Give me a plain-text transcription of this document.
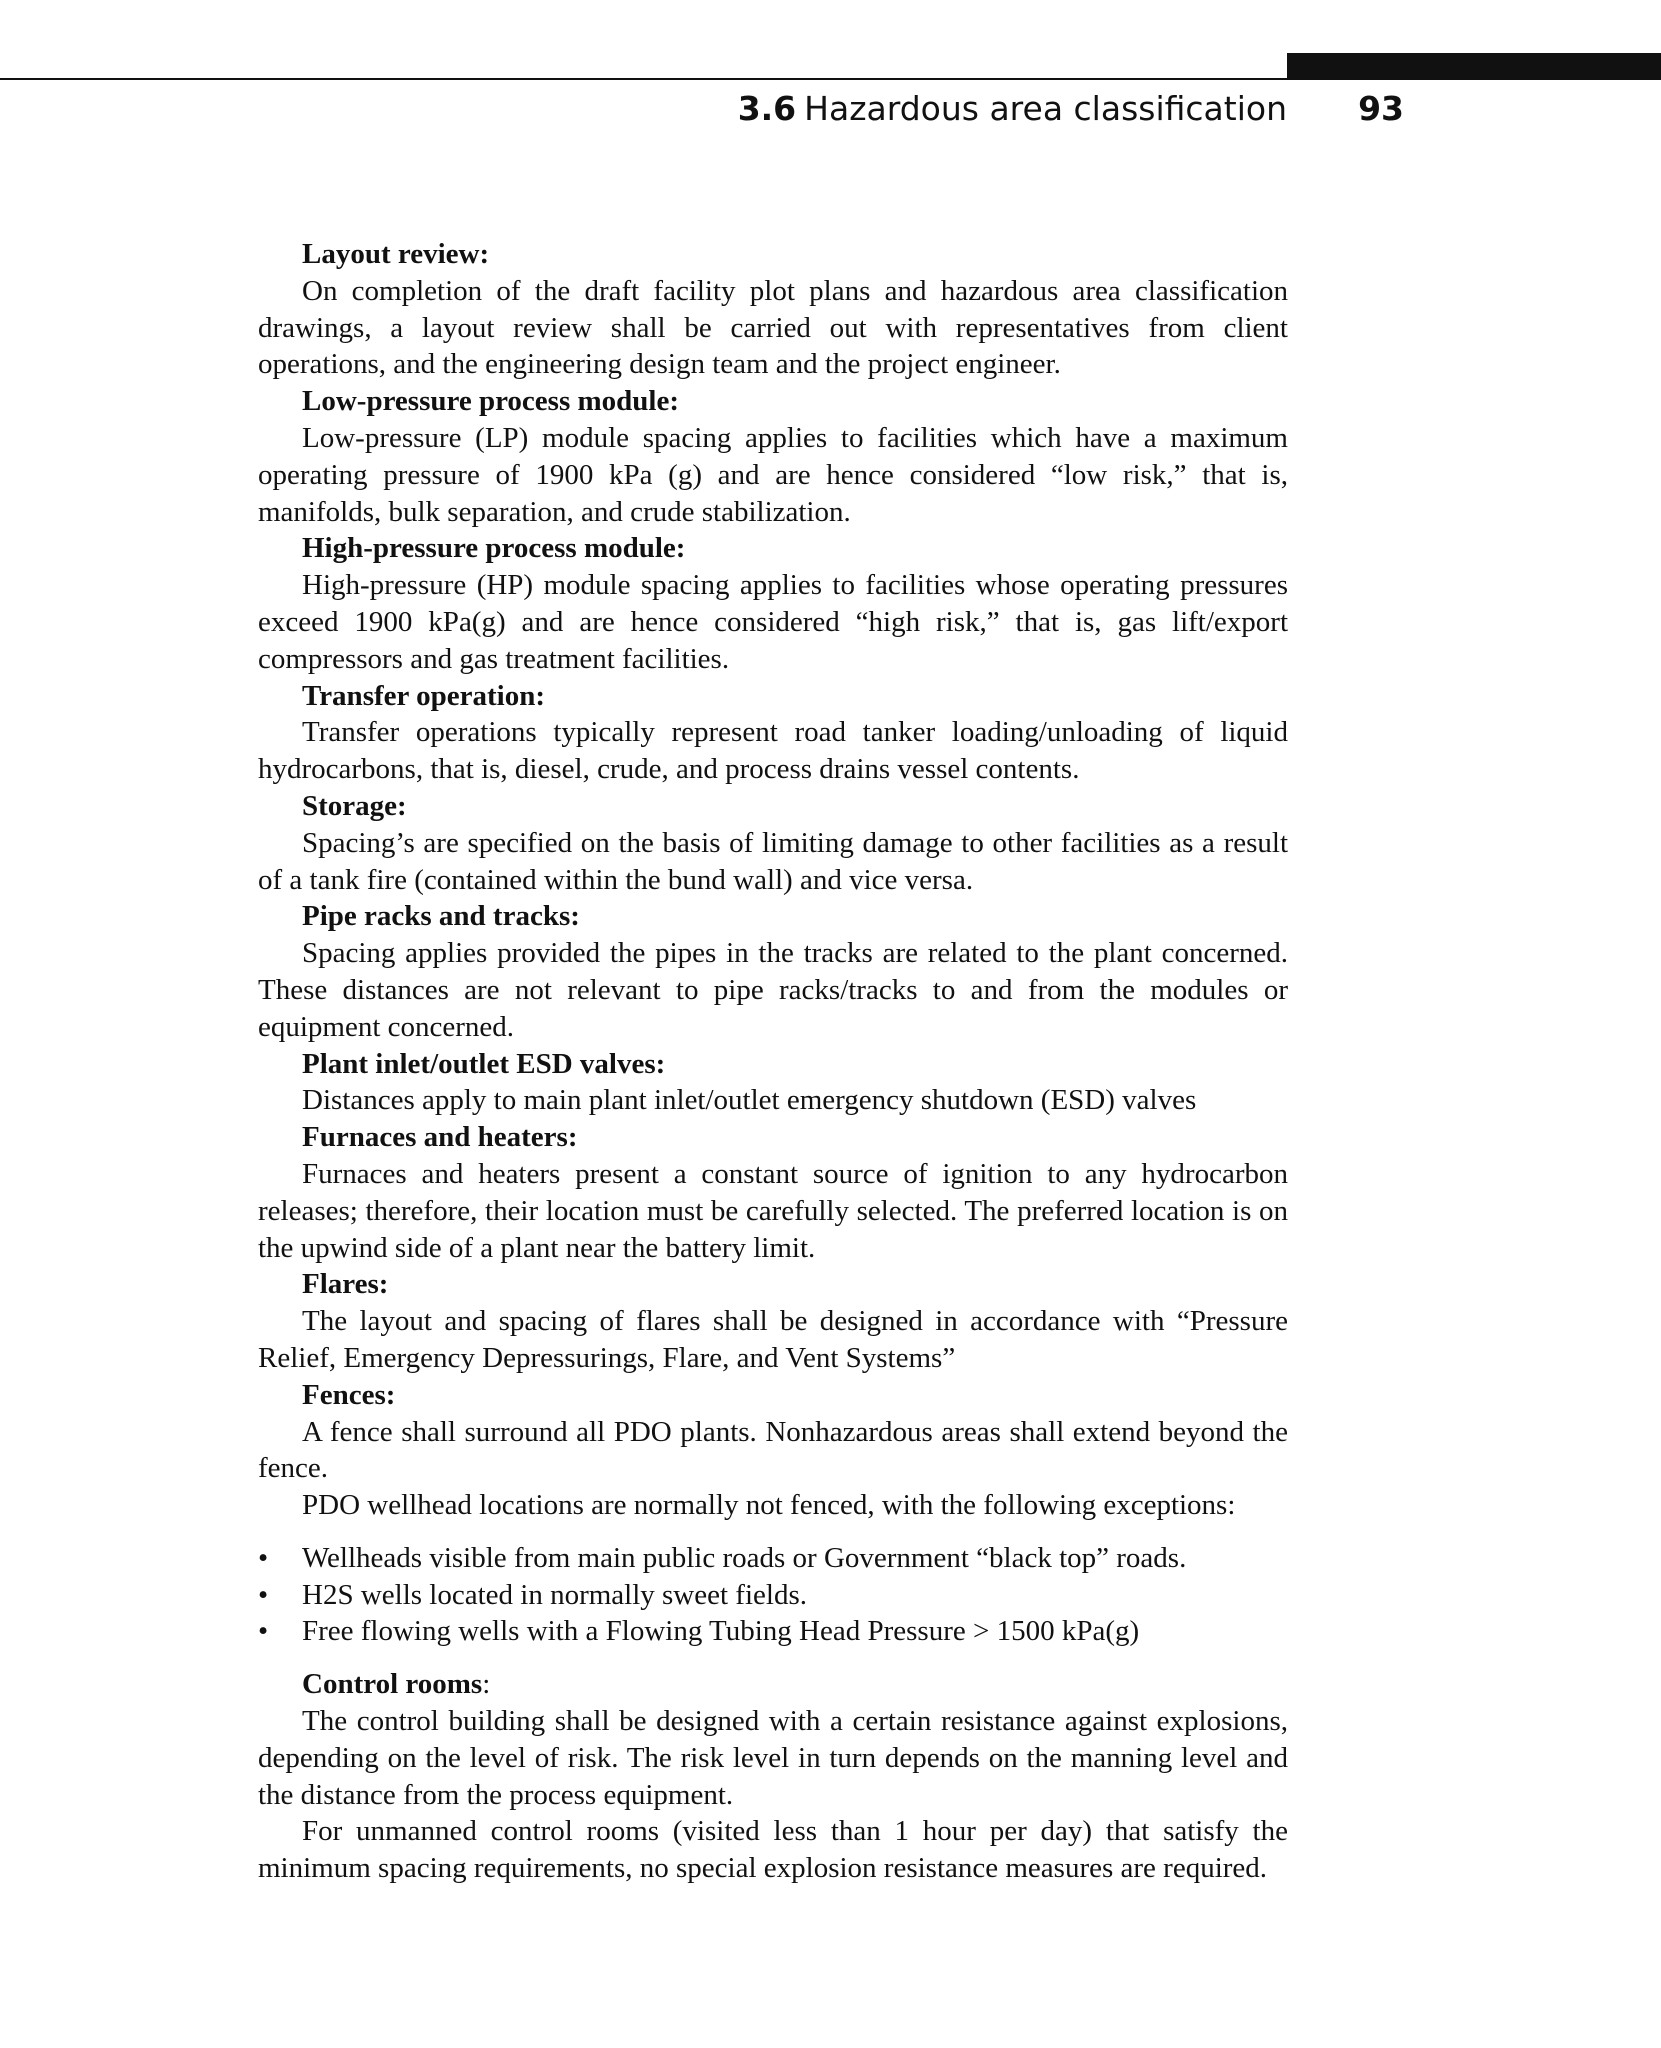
3.6 Hazardous area classification	93
Layout review:

On completion of the draft facility plot plans and hazardous area classification drawings, a layout review shall be carried out with representatives from client operations, and the engineering design team and the project engineer.

Low-pressure process module:

Low-pressure (LP) module spacing applies to facilities which have a maximum operating pressure of 1900 kPa (g) and are hence considered “low risk,” that is, manifolds, bulk separation, and crude stabilization.

High-pressure process module:

High-pressure (HP) module spacing applies to facilities whose operating pressures exceed 1900 kPa(g) and are hence considered “high risk,” that is, gas lift/export compressors and gas treatment facilities.

Transfer operation:

Transfer operations typically represent road tanker loading/unloading of liquid hydrocarbons, that is, diesel, crude, and process drains vessel contents.

Storage:

Spacing’s are specified on the basis of limiting damage to other facilities as a result of a tank fire (contained within the bund wall) and vice versa.

Pipe racks and tracks:

Spacing applies provided the pipes in the tracks are related to the plant concerned. These distances are not relevant to pipe racks/tracks to and from the modules or equipment concerned.

Plant inlet/outlet ESD valves:

Distances apply to main plant inlet/outlet emergency shutdown (ESD) valves

Furnaces and heaters:

Furnaces and heaters present a constant source of ignition to any hydrocarbon releases; therefore, their location must be carefully selected. The preferred location is on the upwind side of a plant near the battery limit.

Flares:

The layout and spacing of flares shall be designed in accordance with “Pressure Relief, Emergency Depressurings, Flare, and Vent Systems”

Fences:

A fence shall surround all PDO plants. Nonhazardous areas shall extend beyond the fence.

PDO wellhead locations are normally not fenced, with the following exceptions:

• Wellheads visible from main public roads or Government “black top” roads.
• H2S wells located in normally sweet fields.
• Free flowing wells with a Flowing Tubing Head Pressure > 1500 kPa(g)
Control rooms:

The control building shall be designed with a certain resistance against explosions, depending on the level of risk. The risk level in turn depends on the manning level and the distance from the process equipment.

For unmanned control rooms (visited less than 1 hour per day) that satisfy the minimum spacing requirements, no special explosion resistance measures are required.
